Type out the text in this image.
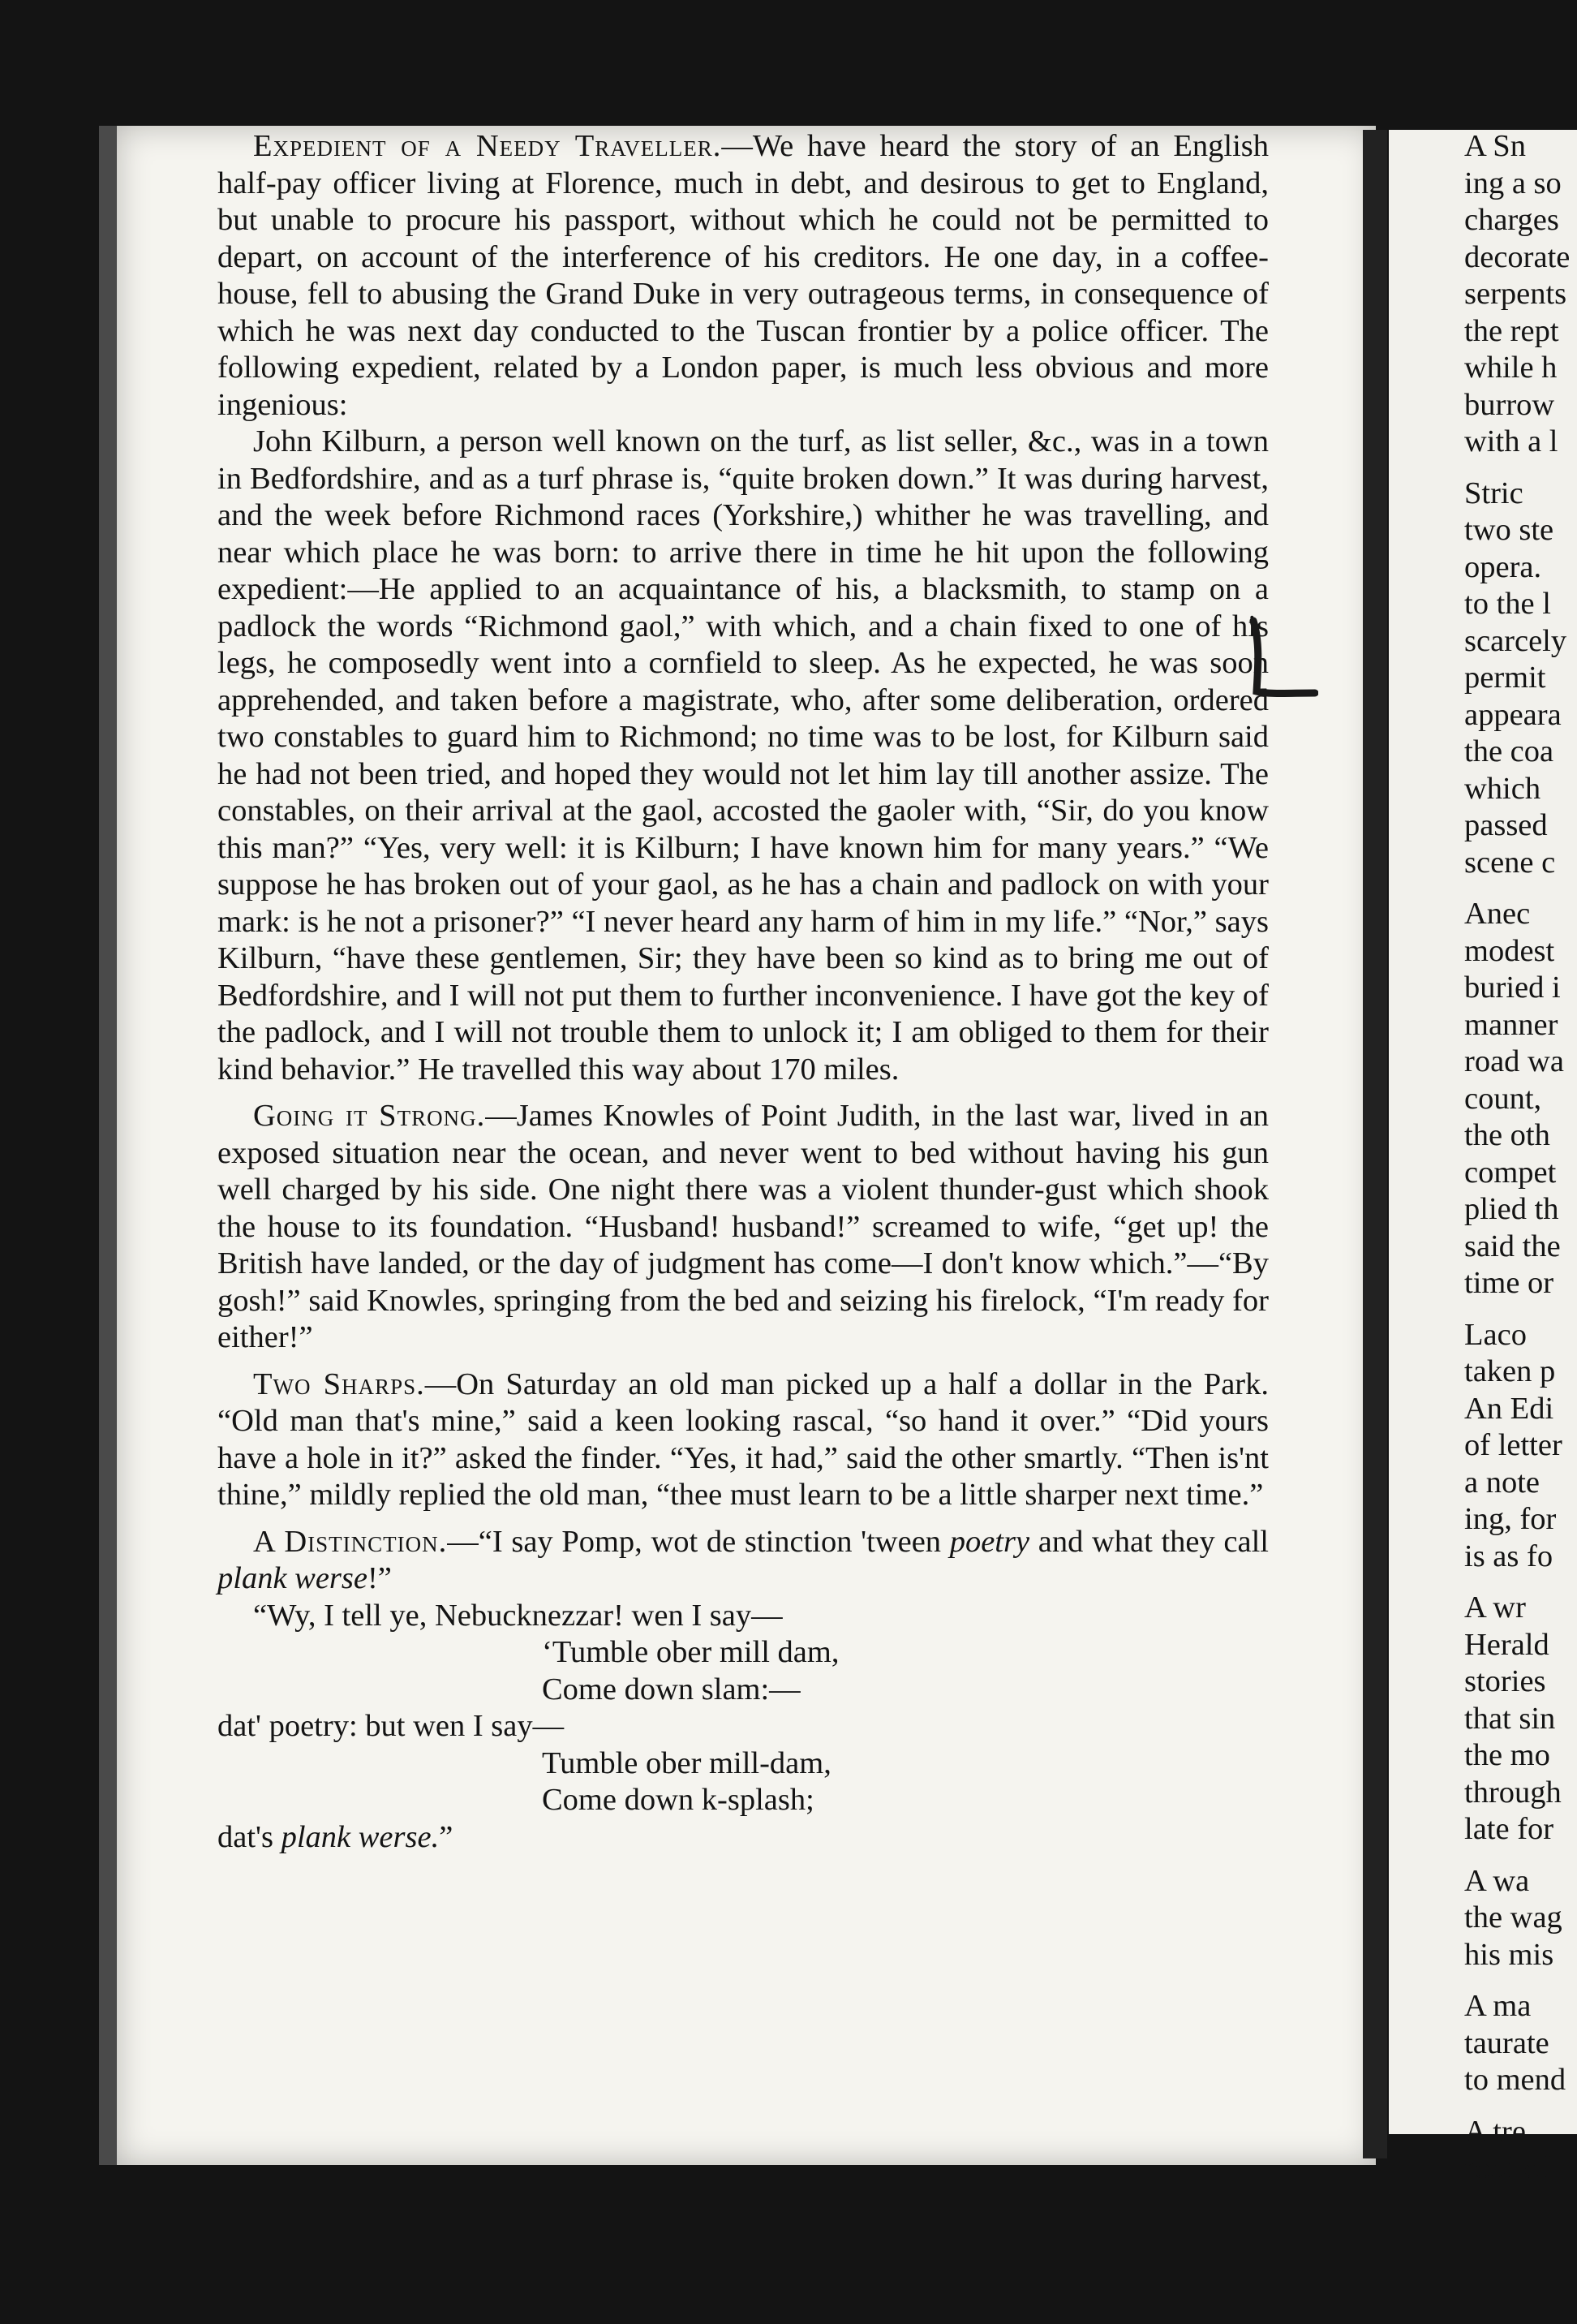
Expedient of a Needy Traveller.—We have heard the story of an English half-pay officer living at Florence, much in debt, and desirous to get to England, but unable to procure his passport, without which he could not be permitted to depart, on account of the interference of his creditors. He one day, in a coffee-house, fell to abusing the Grand Duke in very outrageous terms, in consequence of which he was next day conducted to the Tuscan frontier by a police officer. The following expedient, related by a London paper, is much less obvious and more ingenious:

John Kilburn, a person well known on the turf, as list seller, &c., was in a town in Bedfordshire, and as a turf phrase is, “quite broken down.” It was during harvest, and the week before Richmond races (Yorkshire,) whither he was travelling, and near which place he was born: to arrive there in time he hit upon the following expedient:—He applied to an acquaintance of his, a blacksmith, to stamp on a padlock the words “Richmond gaol,” with which, and a chain fixed to one of his legs, he composedly went into a cornfield to sleep. As he expected, he was soon apprehended, and taken before a magistrate, who, after some deliberation, ordered two constables to guard him to Richmond; no time was to be lost, for Kilburn said he had not been tried, and hoped they would not let him lay till another assize. The constables, on their arrival at the gaol, accosted the gaoler with, “Sir, do you know this man?” “Yes, very well: it is Kilburn; I have known him for many years.” “We suppose he has broken out of your gaol, as he has a chain and padlock on with your mark: is he not a prisoner?” “I never heard any harm of him in my life.” “Nor,” says Kilburn, “have these gentlemen, Sir; they have been so kind as to bring me out of Bedfordshire, and I will not put them to further inconvenience. I have got the key of the padlock, and I will not trouble them to unlock it; I am obliged to them for their kind behavior.” He travelled this way about 170 miles.

Going it Strong.—James Knowles of Point Judith, in the last war, lived in an exposed situation near the ocean, and never went to bed without having his gun well charged by his side. One night there was a violent thunder-gust which shook the house to its foundation. “Husband! husband!” screamed to wife, “get up! the British have landed, or the day of judgment has come—I don't know which.”—“By gosh!” said Knowles, springing from the bed and seizing his firelock, “I'm ready for either!”

Two Sharps.—On Saturday an old man picked up a half a dollar in the Park. “Old man that's mine,” said a keen looking rascal, “so hand it over.” “Did yours have a hole in it?” asked the finder. “Yes, it had,” said the other smartly. “Then is'nt thine,” mildly replied the old man, “thee must learn to be a little sharper next time.”

A Distinction.—“I say Pomp, wot de stinction 'tween poetry and what they call plank werse!”

“Wy, I tell ye, Nebucknezzar! wen I say—
‘Tumble ober mill dam,
Come down slam:—
dat' poetry: but wen I say—
Tumble ober mill-dam,
Come down k-splash;
dat's plank werse.”
A Sn
ing a so
charges
decorate
serpents
the rept
while h
burrow
with a l
Stric
two ste
opera.
to the l
scarcely
permit
appeara
the coa
which
passed
scene c
Anec
modest
buried i
manner
road wa
count,
the oth
compet
plied th
said the
time or
Laco
taken p
An Edi
of letter
a note
ing, for
is as fo
A wr
Herald
stories
that sin
the mo
through
late for
A wa
the wag
his mis
A ma
taurate
to mend
A tre
roof of
